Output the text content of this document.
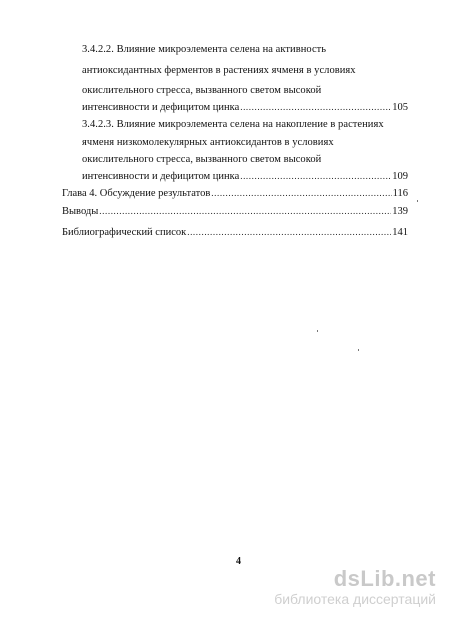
3.4.2.2. Влияние микроэлемента селена на активность
антиоксидантных ферментов в растениях ячменя в условиях
окислительного стресса, вызванного светом высокой
интенсивности и дефицитом цинка .....	105
3.4.2.3. Влияние микроэлемента селена на накопление в растениях
ячменя низкомолекулярных антиоксидантов в условиях
окислительного стресса, вызванного светом высокой
интенсивности и дефицитом цинка .....	109
Глава 4. Обсуждение результатов .....	116
Выводы .....	139
Библиографический список .....	141
4
dsLib.net
библиотека диссертаций
